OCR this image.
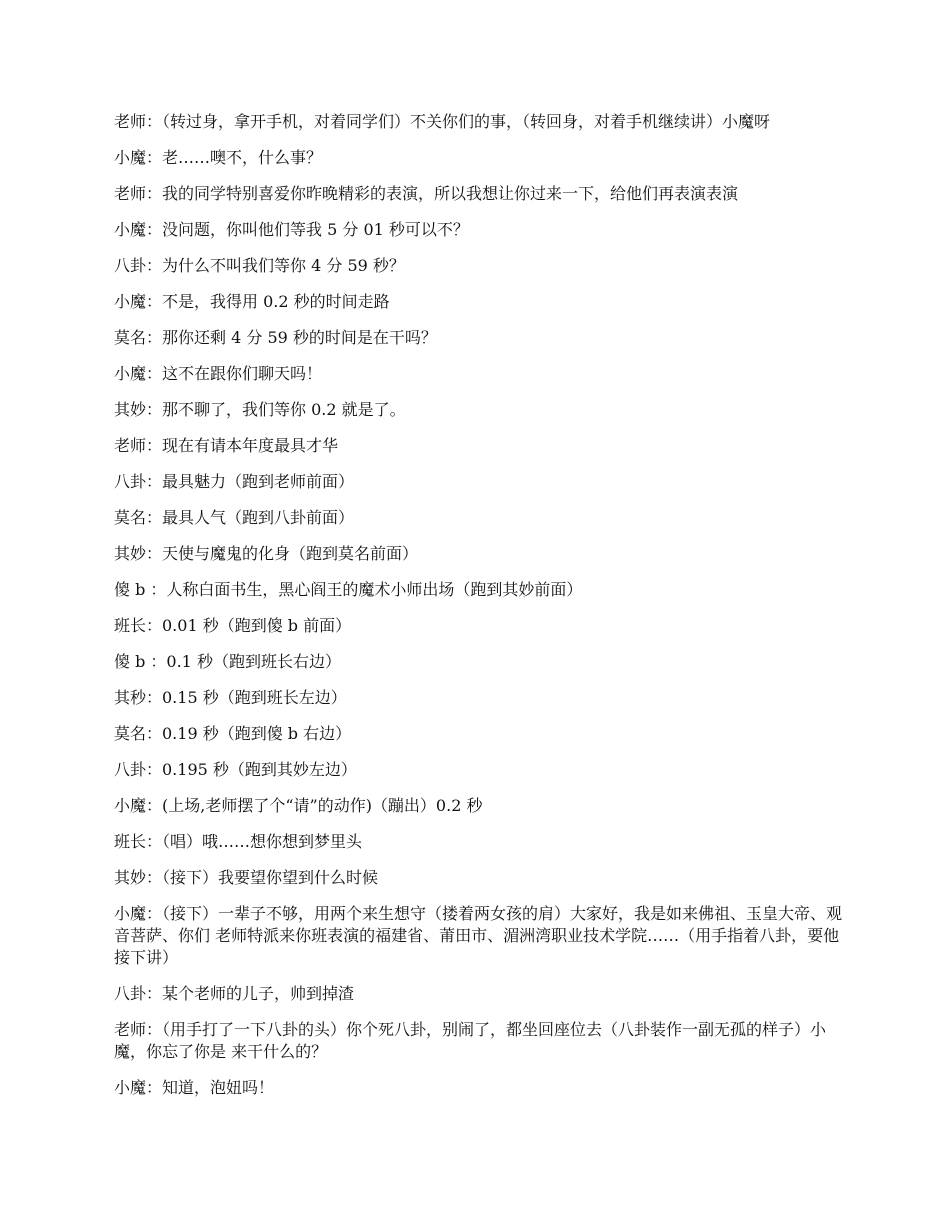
老师：（转过身，拿开手机，对着同学们）不关你们的事，（转回身，对着手机继续讲）小魔呀

小魔：老……噢不，什么事？

老师：我的同学特别喜爱你昨晚精彩的表演，所以我想让你过来一下，给他们再表演表演

小魔：没问题，你叫他们等我 5 分 01 秒可以不？

八卦：为什么不叫我们等你 4 分 59 秒？

小魔：不是，我得用 0.2 秒的时间走路

莫名：那你还剩 4 分 59 秒的时间是在干吗？

小魔：这不在跟你们聊天吗！

其妙：那不聊了，我们等你 0.2 就是了。

老师：现在有请本年度最具才华

八卦：最具魅力（跑到老师前面）

莫名：最具人气（跑到八卦前面）

其妙：天使与魔鬼的化身（跑到莫名前面）

傻 b ：人称白面书生，黑心阎王的魔术小师出场（跑到其妙前面）

班长：0.01 秒（跑到傻 b 前面）

傻 b ：0.1 秒（跑到班长右边）

其秒：0.15 秒（跑到班长左边）

莫名：0.19 秒（跑到傻 b 右边）

八卦：0.195 秒（跑到其妙左边）

小魔：(上场,老师摆了个“请”的动作)（蹦出）0.2 秒

班长：（唱）哦……想你想到梦里头

其妙：（接下）我要望你望到什么时候

小魔：（接下）一辈子不够，用两个来生想守（搂着两女孩的肩）大家好，我是如来佛祖、玉皇大帝、观音菩萨、你们 老师特派来你班表演的福建省、莆田市、湄洲湾职业技术学院……（用手指着八卦，要他接下讲）

八卦：某个老师的儿子，帅到掉渣

老师：（用手打了一下八卦的头）你个死八卦，别闹了，都坐回座位去（八卦装作一副无孤的样子）小魔，你忘了你是 来干什么的？

小魔：知道，泡妞吗！
